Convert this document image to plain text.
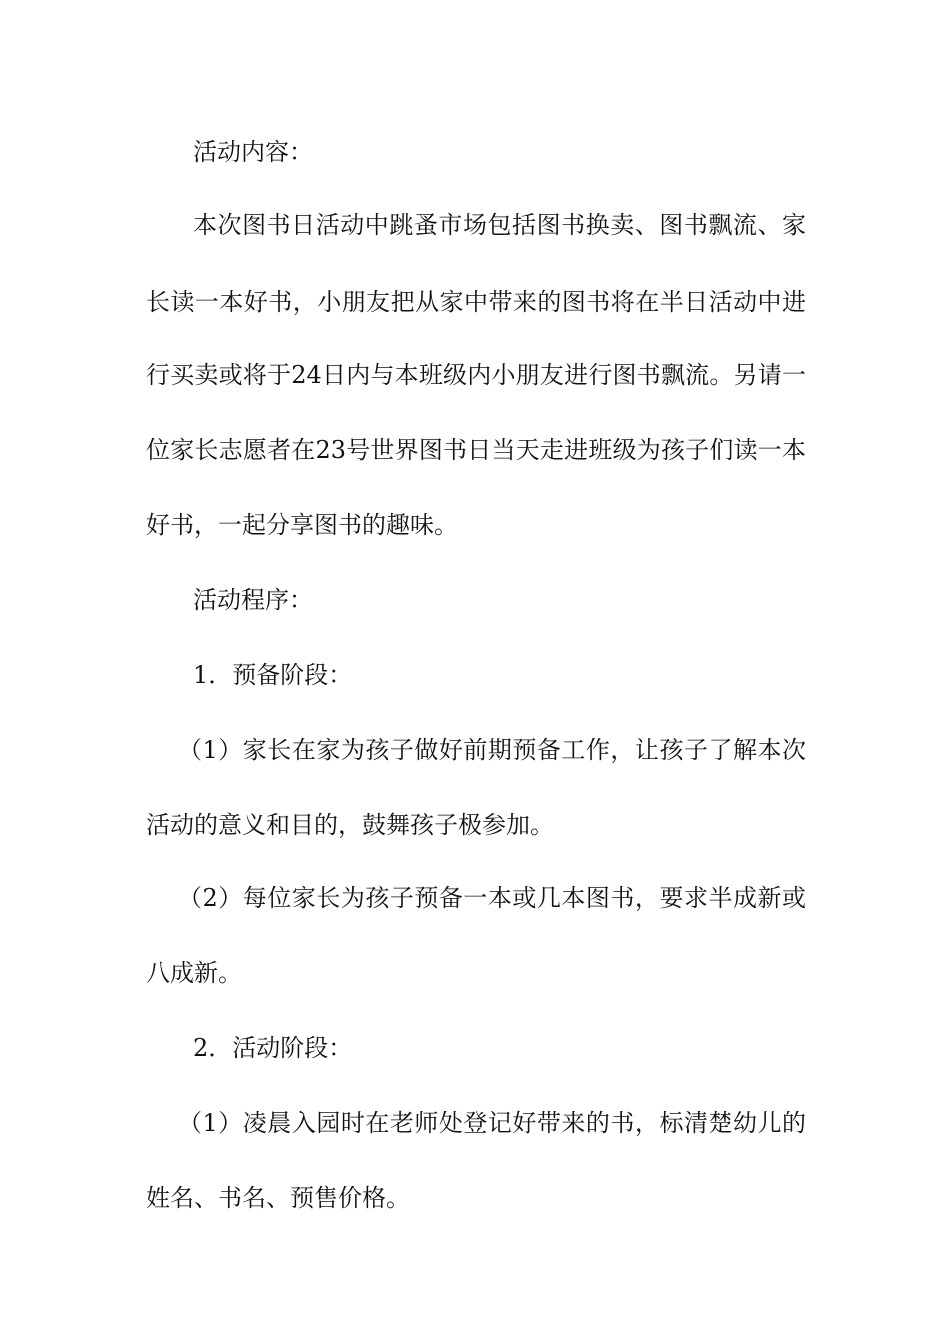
活动内容：
本次图书日活动中跳蚤市场包括图书换卖、图书飘流、家
长读一本好书，小朋友把从家中带来的图书将在半日活动中进
行买卖或将于24日内与本班级内小朋友进行图书飘流。另请一
位家长志愿者在23号世界图书日当天走进班级为孩子们读一本
好书，一起分享图书的趣味。
活动程序：
1．预备阶段：
（1）家长在家为孩子做好前期预备工作，让孩子了解本次
活动的意义和目的，鼓舞孩子极参加。
（2）每位家长为孩子预备一本或几本图书，要求半成新或
八成新。
2．活动阶段：
（1）凌晨入园时在老师处登记好带来的书，标清楚幼儿的
姓名、书名、预售价格。
